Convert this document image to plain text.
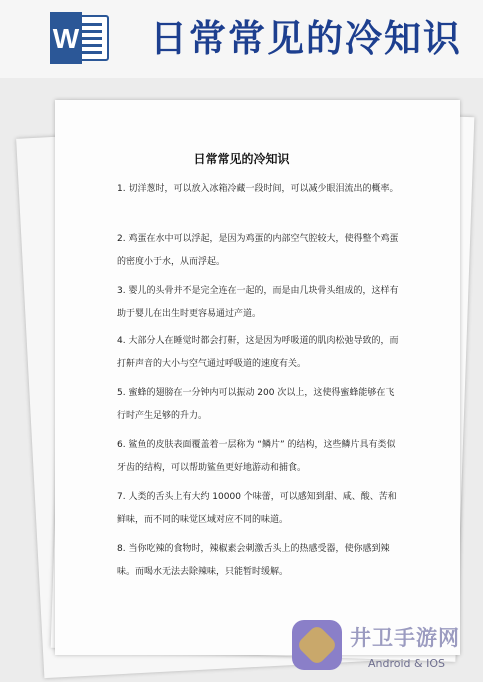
W 日常常见的冷知识
日常常见的冷知识
1. 切洋葱时，可以放入冰箱冷藏一段时间，可以减少眼泪流出的概率。
2. 鸡蛋在水中可以浮起，是因为鸡蛋的内部空气腔较大，使得整个鸡蛋的密度小于水，从而浮起。
3. 婴儿的头骨并不是完全连在一起的，而是由几块骨头组成的，这样有助于婴儿在出生时更容易通过产道。
4. 大部分人在睡觉时都会打鼾，这是因为呼吸道的肌肉松弛导致的，而打鼾声音的大小与空气通过呼吸道的速度有关。
5. 蜜蜂的翅膀在一分钟内可以振动 200 次以上，这使得蜜蜂能够在飞行时产生足够的升力。
6. 鲨鱼的皮肤表面覆盖着一层称为 “鳞片” 的结构，这些鳞片具有类似牙齿的结构，可以帮助鲨鱼更好地游动和捕食。
7. 人类的舌头上有大约 10000 个味蕾，可以感知到甜、咸、酸、苦和鲜味，而不同的味觉区域对应不同的味道。
8. 当你吃辣的食物时，辣椒素会刺激舌头上的热感受器，使你感到辣味。而喝水无法去除辣味，只能暂时缓解。
井卫手游网
Android & IOS
